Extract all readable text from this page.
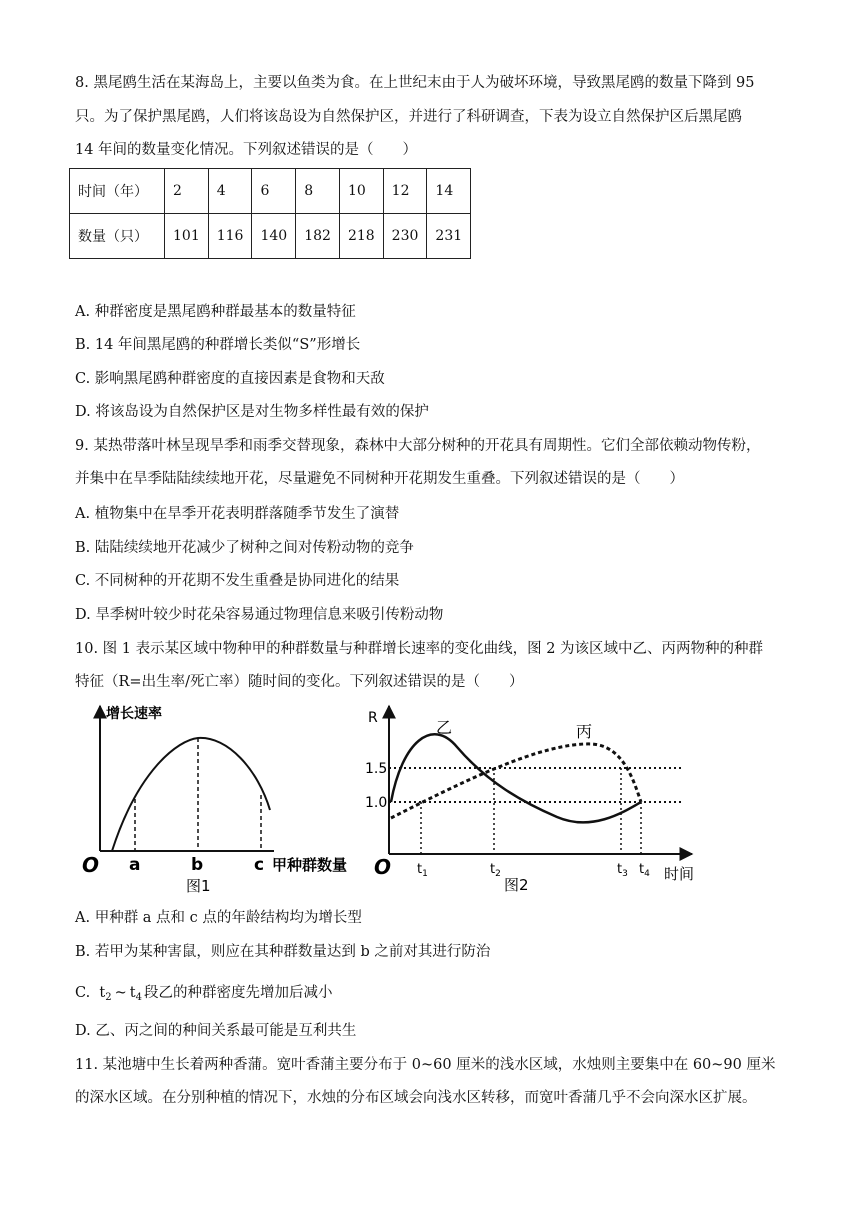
8. 黑尾鸥生活在某海岛上，主要以鱼类为食。在上世纪末由于人为破坏环境，导致黑尾鸥的数量下降到 95
只。为了保护黑尾鸥，人们将该岛设为自然保护区，并进行了科研调查，下表为设立自然保护区后黑尾鸥
14 年间的数量变化情况。下列叙述错误的是（　　）
时间（年）	2	4	6	8	10	12	14
数量（只）	101	116	140	182	218	230	231
A. 种群密度是黑尾鸥种群最基本的数量特征
B. 14 年间黑尾鸥的种群增长类似“S”形增长
C. 影响黑尾鸥种群密度的直接因素是食物和天敌
D. 将该岛设为自然保护区是对生物多样性最有效的保护
9. 某热带落叶林呈现旱季和雨季交替现象，森林中大部分树种的开花具有周期性。它们全部依赖动物传粉，
并集中在旱季陆陆续续地开花，尽量避免不同树种开花期发生重叠。下列叙述错误的是（　　）
A. 植物集中在旱季开花表明群落随季节发生了演替
B. 陆陆续续地开花减少了树种之间对传粉动物的竞争
C. 不同树种的开花期不发生重叠是协同进化的结果
D. 旱季树叶较少时花朵容易通过物理信息来吸引传粉动物
10. 图 1 表示某区域中物种甲的种群数量与种群增长速率的变化曲线，图 2 为该区域中乙、丙两物种的种群
特征（R=出生率/死亡率）随时间的变化。下列叙述错误的是（　　）
增长速率
O a	b	c 甲种群数量
图1
R
1.5
1.0
乙	丙
O $t_1$	$t_2$	$t_3$ $t_4$ 时间
图2
A. 甲种群 a 点和 c 点的年龄结构均为增长型
B. 若甲为某种害鼠，则应在其种群数量达到 b 之前对其进行防治
C. $t_2$ ~ $t_4$ 段乙的种群密度先增加后减小
D. 乙、丙之间的种间关系最可能是互利共生
11. 某池塘中生长着两种香蒲。宽叶香蒲主要分布于 0~60 厘米的浅水区域，水烛则主要集中在 60~90 厘米
的深水区域。在分别种植的情况下，水烛的分布区域会向浅水区转移，而宽叶香蒲几乎不会向深水区扩展。
